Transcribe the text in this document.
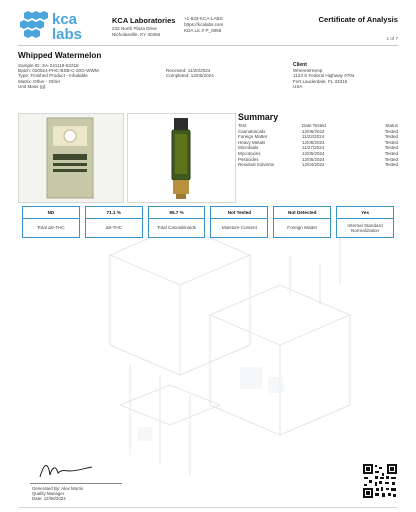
kca
labs
KCA Laboratories
232 North Plaza Drive
Nicholasville, KY 40356
+1-833-KCA-LABS
https://kcalabs.com
KDA Lic.# P_0058
Certificate of Analysis
1 of 7
Whipped Watermelon
Sample ID: SA-241119-53218
Batch: 020524-PHC-BSB-C-20G-WWM
Type: Finished Product - Inhalable
Matrix: Other - Other
Unit Mass (g):
Received: 11/20/2024
Completed: 12/06/2024
Client
WhereIsHemp
1123 S Federal Highway #704
Fort Lauderdale, FL 33316
USA
Summary
Test	Date Tested	Status
Cannabinoids	12/06/2024	Tested
Foreign Matter	11/22/2024	Tested
Heavy Metals	12/06/2024	Tested
Microbials	11/27/2024	Tested
Mycotoxins	12/05/2024	Tested
Pesticides	12/05/2024	Tested
Residual Solvents	12/04/2024	Tested
ND
Total Δ9-THC
71.1 %
Δ8-THC
95.7 %
Total Cannabinoids
Not Tested
Moisture Content
Not Detected
Foreign Matter
Yes
Internal Standard Normalization
Generated By: Alex Morris
Quality Manager
Date: 12/06/2024
